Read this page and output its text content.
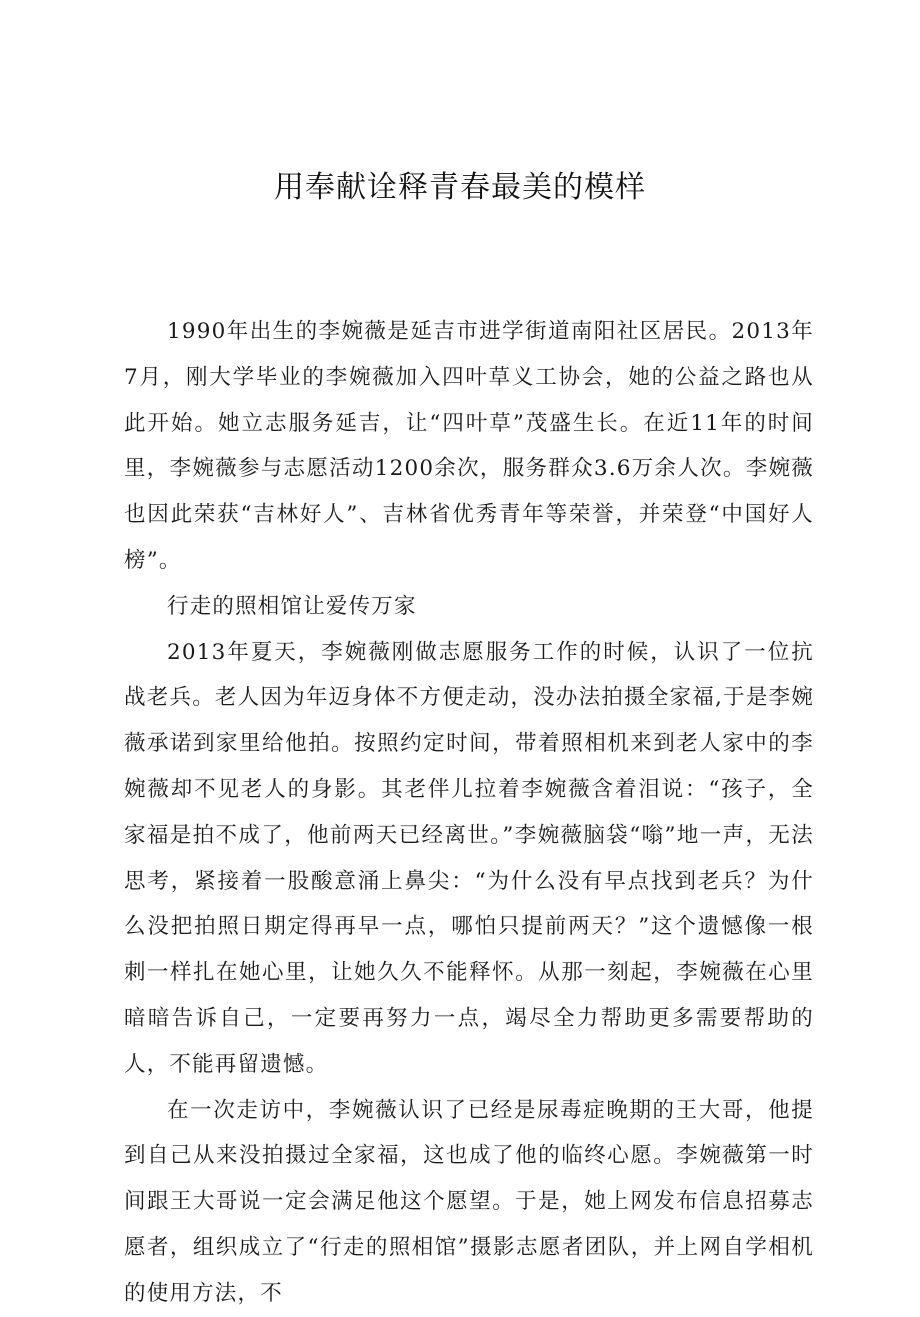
用奉献诠释青春最美的模样

1990年出生的李婉薇是延吉市进学街道南阳社区居民。2013年7月，刚大学毕业的李婉薇加入四叶草义工协会，她的公益之路也从此开始。她立志服务延吉，让“四叶草”茂盛生长。在近11年的时间里，李婉薇参与志愿活动1200余次，服务群众3.6万余人次。李婉薇也因此荣获“吉林好人”、吉林省优秀青年等荣誉，并荣登“中国好人榜”。

行走的照相馆让爱传万家

2013年夏天，李婉薇刚做志愿服务工作的时候，认识了一位抗战老兵。老人因为年迈身体不方便走动，没办法拍摄全家福,于是李婉薇承诺到家里给他拍。按照约定时间，带着照相机来到老人家中的李婉薇却不见老人的身影。其老伴儿拉着李婉薇含着泪说：“孩子，全家福是拍不成了，他前两天已经离世。”李婉薇脑袋“嗡”地一声，无法思考，紧接着一股酸意涌上鼻尖：“为什么没有早点找到老兵？为什么没把拍照日期定得再早一点，哪怕只提前两天？”这个遗憾像一根刺一样扎在她心里，让她久久不能释怀。从那一刻起，李婉薇在心里暗暗告诉自己，一定要再努力一点，竭尽全力帮助更多需要帮助的人，不能再留遗憾。

在一次走访中，李婉薇认识了已经是尿毒症晚期的王大哥，他提到自己从来没拍摄过全家福，这也成了他的临终心愿。李婉薇第一时间跟王大哥说一定会满足他这个愿望。于是，她上网发布信息招募志愿者，组织成立了“行走的照相馆”摄影志愿者团队，并上网自学相机的使用方法，不
